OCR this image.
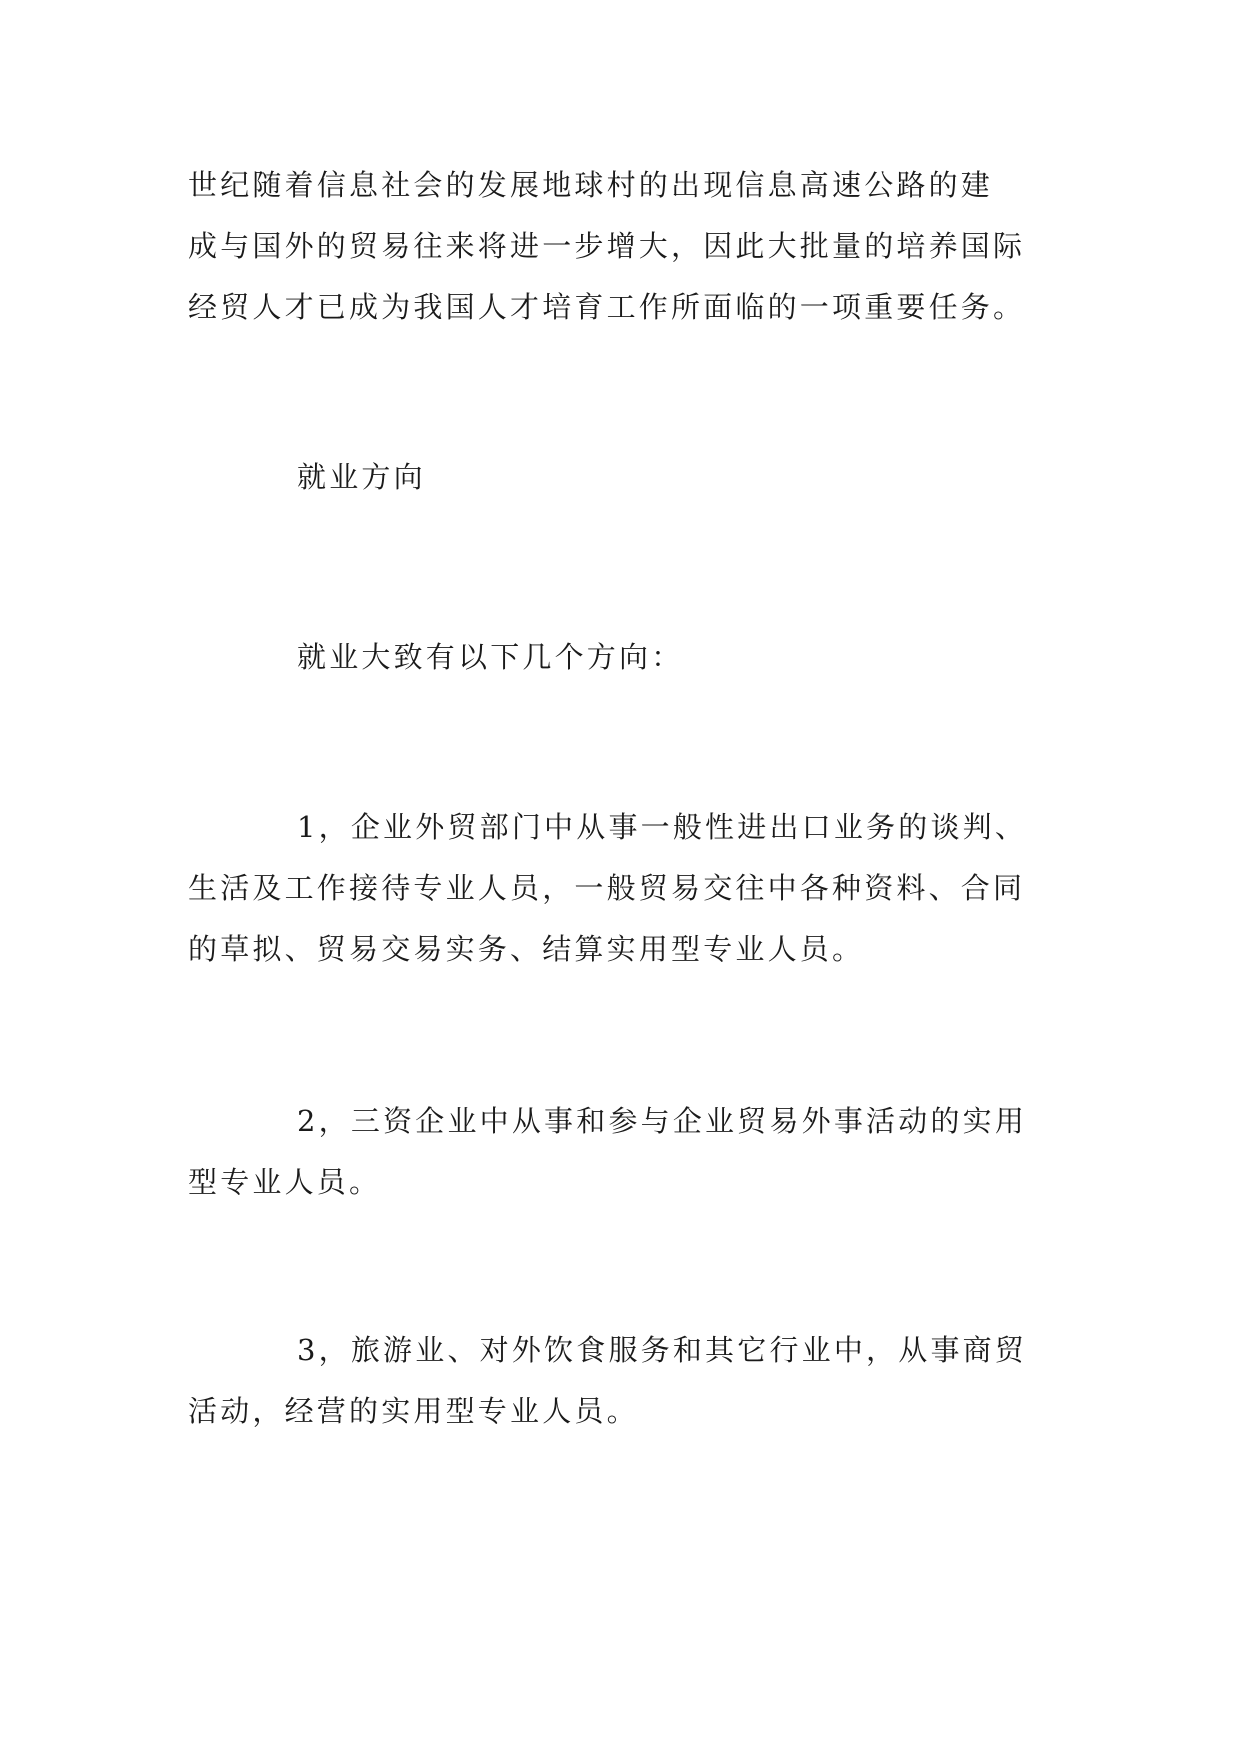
世纪随着信息社会的发展地球村的出现信息高速公路的建
成与国外的贸易往来将进一步增大，因此大批量的培养国际
经贸人才已成为我国人才培育工作所面临的一项重要任务。

就业方向

就业大致有以下几个方向：

1，企业外贸部门中从事一般性进出口业务的谈判、
生活及工作接待专业人员，一般贸易交往中各种资料、合同
的草拟、贸易交易实务、结算实用型专业人员。

2，三资企业中从事和参与企业贸易外事活动的实用
型专业人员。

3，旅游业、对外饮食服务和其它行业中，从事商贸
活动，经营的实用型专业人员。
